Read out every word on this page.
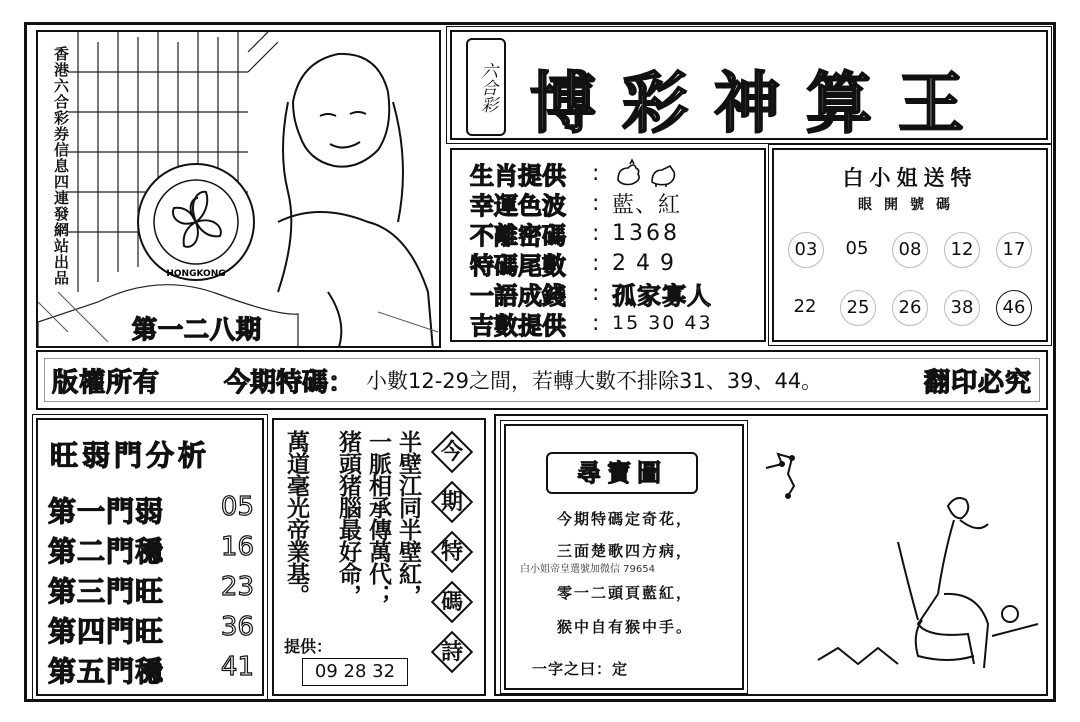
HONGKONG
香港六合彩券信息四連發網站出品
第一二八期
六合彩 博彩神算王
生肖提供	:
幸運色波	: 藍、紅
不離密碼	: 1368
特碼尾數	: 249
一語成錢	: 孤家寡人
吉數提供	: 15 30 43
白小姐送特
眼開號碼
03	05	08	12	17
22	25	26	38	46
版權所有 今期特碼： 小數12-29之間，若轉大數不排除31、39、44。	翻印必究
旺弱門分析
第一門弱 05
第二門穩 16
第三門旺 23
第四門旺 36
第五門穩 41
半壁江同半壁紅，
一脈相承傳萬代；
猪頭猪腦最好命，
萬道毫光帝業基。	今
期
特
碼
詩
提供：
09 28 32
尋寶圖
今期特碼定奇花，
三面楚歌四方病，
白小姐帝皇選號加微信 79654
零一二頭頁藍紅，
猴中自有猴中手。
一字之曰：定
